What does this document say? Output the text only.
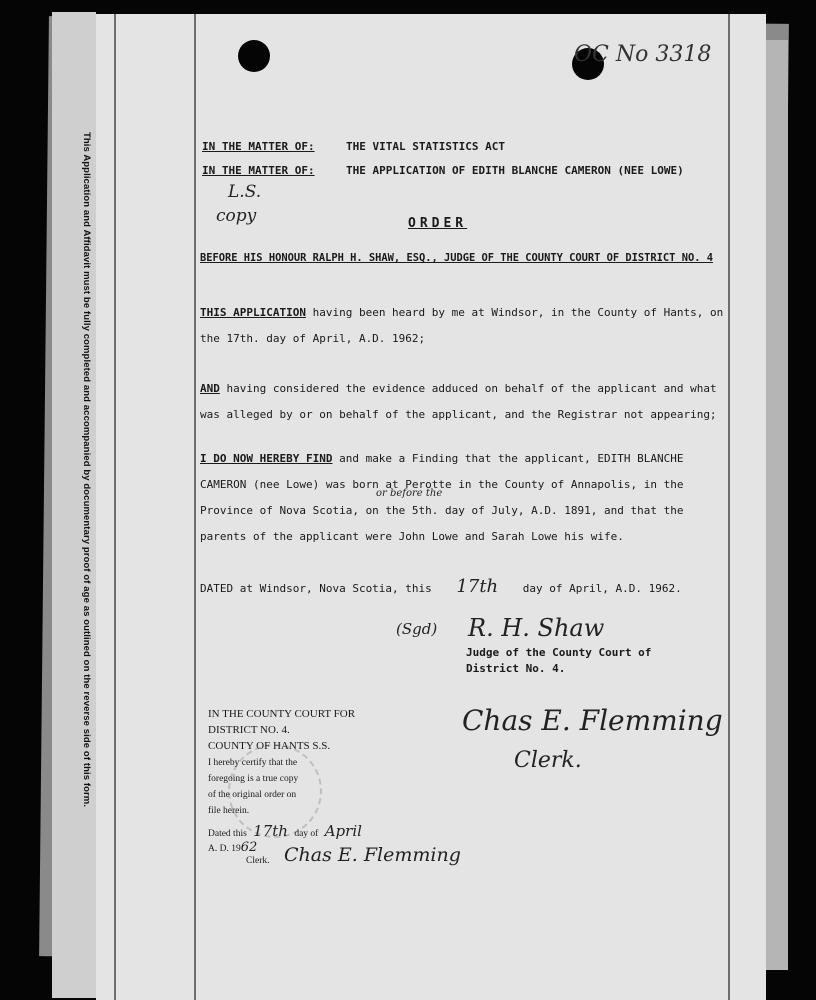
This Application and Affidavit must be fully completed and accompanied by documentary proof of age as outlined on the reverse side of this form.
OC No 3318
IN THE MATTER OF:	THE VITAL STATISTICS ACT
IN THE MATTER OF:	THE APPLICATION OF EDITH BLANCHE CAMERON (NEE LOWE)
L.S.
copy	ORDER
BEFORE HIS HONOUR RALPH H. SHAW, ESQ., JUDGE OF THE COUNTY COURT OF DISTRICT NO. 4
THIS APPLICATION having been heard by me at Windsor, in the County of Hants, on
the 17th. day of April, A.D. 1962;
AND having considered the evidence adduced on behalf of the applicant and what
was alleged by or on behalf of the applicant, and the Registrar not appearing;
I DO NOW HEREBY FIND and make a Finding that the applicant, EDITH BLANCHE
CAMERON (nee Lowe) was born at Perotte in the County of Annapolis, in the
or before the
Province of Nova Scotia, on the 5th. day of July, A.D. 1891, and that the
parents of the applicant were John Lowe and Sarah Lowe his wife.
DATED at Windsor, Nova Scotia, this 17th day of April, A.D. 1962.
(Sgd) R. H. Shaw
Judge of the County Court of
District No. 4.
Chas E. Flemming
Clerk.
IN THE COUNTY COURT FOR
DISTRICT NO. 4.
COUNTY OF HANTS S.S.
I hereby certify that the
foregoing is a true copy
of the original order on
file herein.
Dated this 17th day of April
A. D. 1962
Clerk. Chas E. Flemming
